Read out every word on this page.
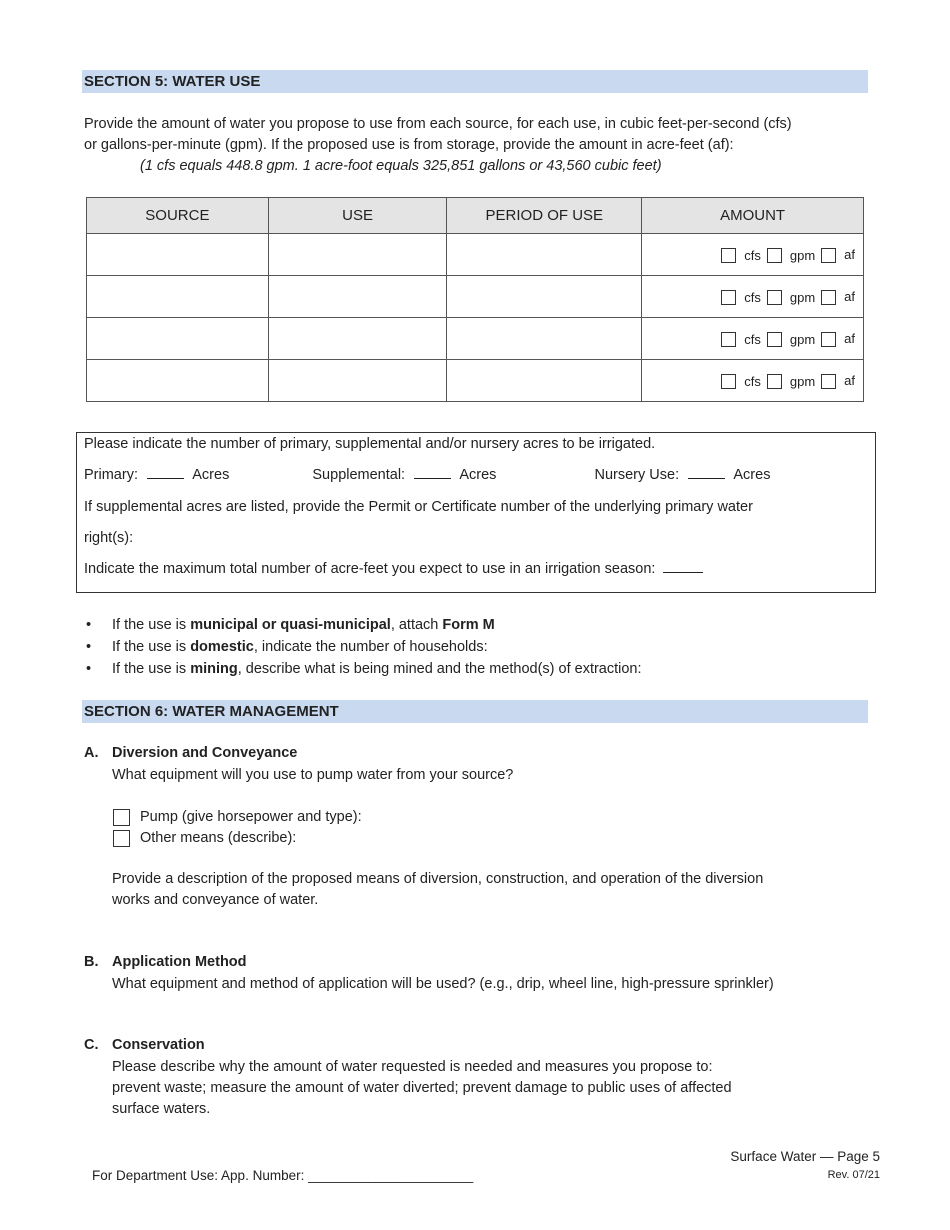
SECTION 5: WATER USE
Provide the amount of water you propose to use from each source, for each use, in cubic feet-per-second (cfs)
or gallons-per-minute (gpm). If the proposed use is from storage, provide the amount in acre-feet (af):
(1 cfs equals 448.8 gpm. 1 acre-foot equals 325,851 gallons or 43,560 cubic feet)
SOURCE	USE	PERIOD OF USE	AMOUNT
			cfs gpm af
			cfs gpm af
			cfs gpm af
			cfs gpm af
Please indicate the number of primary, supplemental and/or nursery acres to be irrigated.
Primary:	Acres	Supplemental:	Acres	Nursery Use:	Acres
If supplemental acres are listed, provide the Permit or Certificate number of the underlying primary water
right(s):
Indicate the maximum total number of acre-feet you expect to use in an irrigation season:
• If the use is municipal or quasi-municipal, attach Form M
• If the use is domestic, indicate the number of households:
• If the use is mining, describe what is being mined and the method(s) of extraction:
SECTION 6: WATER MANAGEMENT
A. Diversion and Conveyance
What equipment will you use to pump water from your source?
Pump (give horsepower and type):
Other means (describe):
Provide a description of the proposed means of diversion, construction, and operation of the diversion
works and conveyance of water.
B. Application Method
What equipment and method of application will be used? (e.g., drip, wheel line, high-pressure sprinkler)
C. Conservation
Please describe why the amount of water requested is needed and measures you propose to:
prevent waste; measure the amount of water diverted; prevent damage to public uses of affected
surface waters.
For Department Use: App. Number: ______________________
Surface Water — Page 5
Rev. 07/21
